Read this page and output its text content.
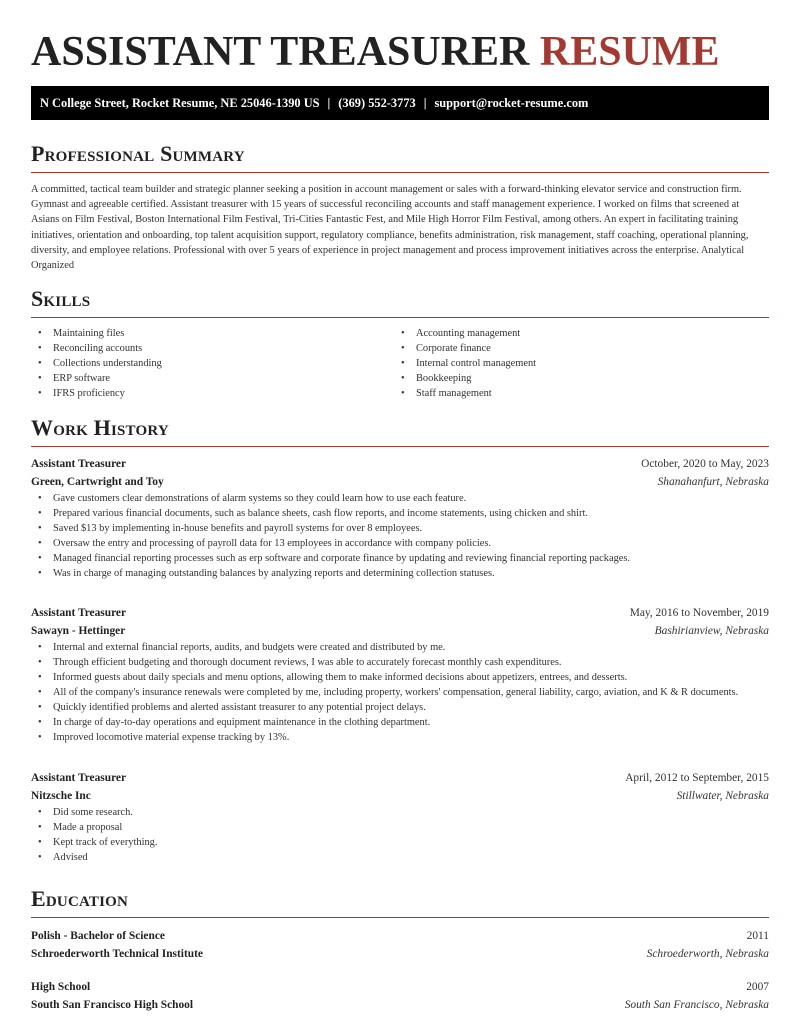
ASSISTANT TREASURER RESUME
N College Street, Rocket Resume, NE 25046-1390 US | (369) 552-3773 | support@rocket-resume.com
Professional Summary

A committed, tactical team builder and strategic planner seeking a position in account management or sales with a forward-thinking elevator service and construction firm. Gymnast and agreeable certified. Assistant treasurer with 15 years of successful reconciling accounts and staff management experience. I worked on films that screened at Asians on Film Festival, Boston International Film Festival, Tri-Cities Fantastic Fest, and Mile High Horror Film Festival, among others. An expert in facilitating training initiatives, orientation and onboarding, top talent acquisition support, regulatory compliance, benefits administration, risk management, staff coaching, operational planning, diversity, and employee relations. Professional with over 5 years of experience in project management and process improvement initiatives across the enterprise. Analytical Organized

Skills
• Maintaining files
• Reconciling accounts
• Collections understanding
• ERP software
• IFRS proficiency
• Accounting management
• Corporate finance
• Internal control management
• Bookkeeping
• Staff management
Work History
Assistant Treasurer	October, 2020 to May, 2023
Green, Cartwright and Toy	Shanahanfurt, Nebraska
• Gave customers clear demonstrations of alarm systems so they could learn how to use each feature.
• Prepared various financial documents, such as balance sheets, cash flow reports, and income statements, using chicken and shirt.
• Saved $13 by implementing in-house benefits and payroll systems for over 8 employees.
• Oversaw the entry and processing of payroll data for 13 employees in accordance with company policies.
• Managed financial reporting processes such as erp software and corporate finance by updating and reviewing financial reporting packages.
• Was in charge of managing outstanding balances by analyzing reports and determining collection statuses.
Assistant Treasurer	May, 2016 to November, 2019
Sawayn - Hettinger	Bashirianview, Nebraska
• Internal and external financial reports, audits, and budgets were created and distributed by me.
• Through efficient budgeting and thorough document reviews, I was able to accurately forecast monthly cash expenditures.
• Informed guests about daily specials and menu options, allowing them to make informed decisions about appetizers, entrees, and desserts.
• All of the company's insurance renewals were completed by me, including property, workers' compensation, general liability, cargo, aviation, and K & R documents.
• Quickly identified problems and alerted assistant treasurer to any potential project delays.
• In charge of day-to-day operations and equipment maintenance in the clothing department.
• Improved locomotive material expense tracking by 13%.
Assistant Treasurer	April, 2012 to September, 2015
Nitzsche Inc	Stillwater, Nebraska
• Did some research.
• Made a proposal
• Kept track of everything.
• Advised
Education
Polish - Bachelor of Science	2011
Schroederworth Technical Institute	Schroederworth, Nebraska
High School	2007
South San Francisco High School	South San Francisco, Nebraska
